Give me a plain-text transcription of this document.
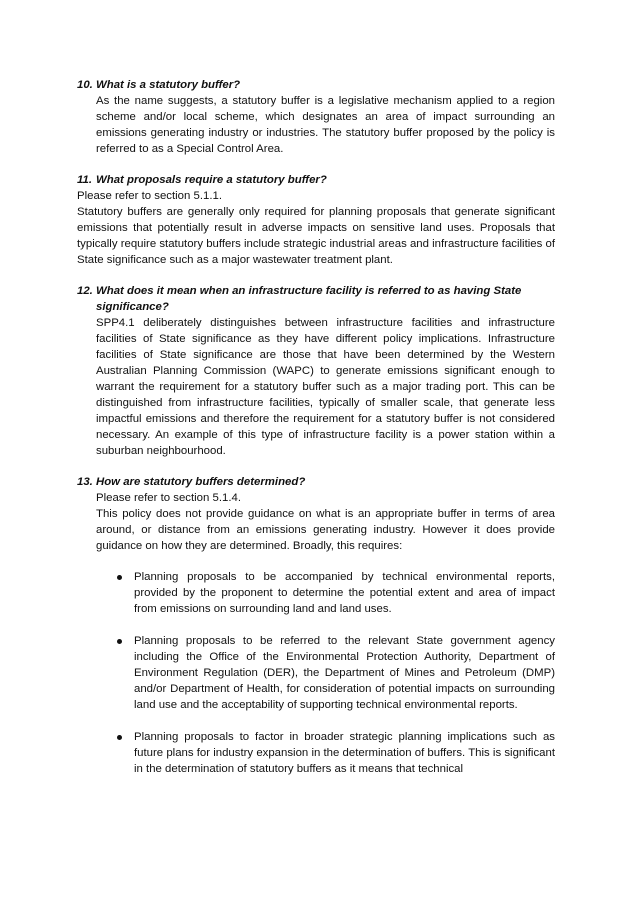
10. What is a statutory buffer?

As the name suggests, a statutory buffer is a legislative mechanism applied to a region scheme and/or local scheme, which designates an area of impact surrounding an emissions generating industry or industries. The statutory buffer proposed by the policy is referred to as a Special Control Area.

11. What proposals require a statutory buffer?

Please refer to section 5.1.1.

Statutory buffers are generally only required for planning proposals that generate significant emissions that potentially result in adverse impacts on sensitive land uses. Proposals that typically require statutory buffers include strategic industrial areas and infrastructure facilities of State significance such as a major wastewater treatment plant.

12. What does it mean when an infrastructure facility is referred to as having State significance?

SPP4.1 deliberately distinguishes between infrastructure facilities and infrastructure facilities of State significance as they have different policy implications. Infrastructure facilities of State significance are those that have been determined by the Western Australian Planning Commission (WAPC) to generate emissions significant enough to warrant the requirement for a statutory buffer such as a major trading port. This can be distinguished from infrastructure facilities, typically of smaller scale, that generate less impactful emissions and therefore the requirement for a statutory buffer is not considered necessary. An example of this type of infrastructure facility is a power station within a suburban neighbourhood.

13. How are statutory buffers determined?

Please refer to section 5.1.4.

This policy does not provide guidance on what is an appropriate buffer in terms of area around, or distance from an emissions generating industry. However it does provide guidance on how they are determined. Broadly, this requires:

Planning proposals to be accompanied by technical environmental reports, provided by the proponent to determine the potential extent and area of impact from emissions on surrounding land and land uses.
Planning proposals to be referred to the relevant State government agency including the Office of the Environmental Protection Authority, Department of Environment Regulation (DER), the Department of Mines and Petroleum (DMP) and/or Department of Health, for consideration of potential impacts on surrounding land use and the acceptability of supporting technical environmental reports.
Planning proposals to factor in broader strategic planning implications such as future plans for industry expansion in the determination of buffers. This is significant in the determination of statutory buffers as it means that technical
